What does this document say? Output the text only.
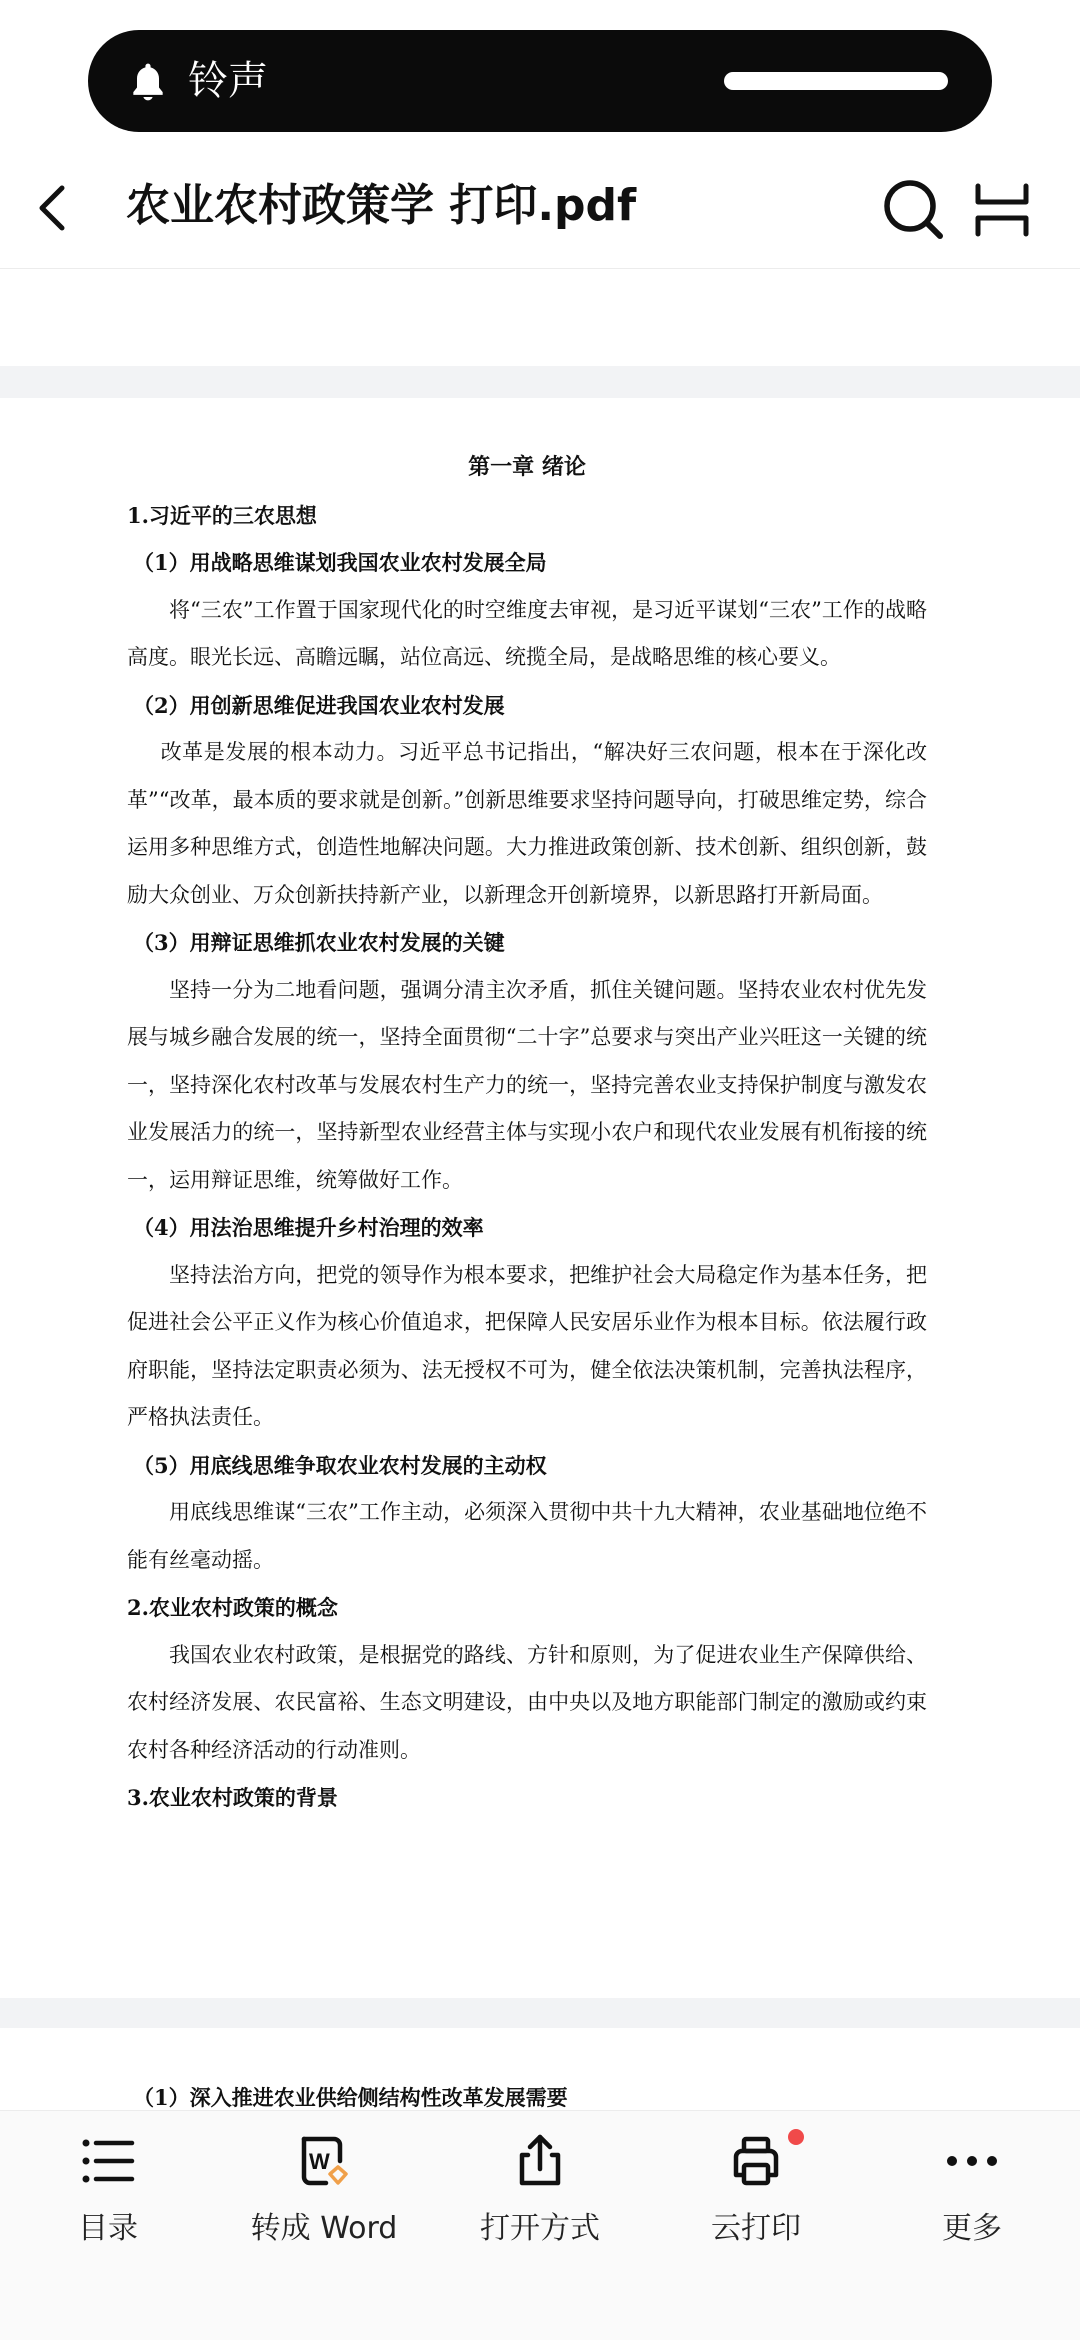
铃声
农业农村政策学 打印.pdf

第一章 绪论

1.习近平的三农思想

（1）用战略思维谋划我国农业农村发展全局

将“三农”工作置于国家现代化的时空维度去审视，是习近平谋划“三农”工作的战略高度。眼光长远、高瞻远瞩，站位高远、统揽全局，是战略思维的核心要义。

（2）用创新思维促进我国农业农村发展

改革是发展的根本动力。习近平总书记指出，“解决好三农问题，根本在于深化改革”“改革，最本质的要求就是创新。”创新思维要求坚持问题导向，打破思维定势，综合运用多种思维方式，创造性地解决问题。大力推进政策创新、技术创新、组织创新，鼓励大众创业、万众创新扶持新产业，以新理念开创新境界，以新思路打开新局面。

（3）用辩证思维抓农业农村发展的关键

坚持一分为二地看问题，强调分清主次矛盾，抓住关键问题。坚持农业农村优先发展与城乡融合发展的统一，坚持全面贯彻“二十字”总要求与突出产业兴旺这一关键的统一，坚持深化农村改革与发展农村生产力的统一，坚持完善农业支持保护制度与激发农业发展活力的统一，坚持新型农业经营主体与实现小农户和现代农业发展有机衔接的统一，运用辩证思维，统筹做好工作。

（4）用法治思维提升乡村治理的效率

坚持法治方向，把党的领导作为根本要求，把维护社会大局稳定作为基本任务，把促进社会公平正义作为核心价值追求，把保障人民安居乐业作为根本目标。依法履行政府职能，坚持法定职责必须为、法无授权不可为，健全依法决策机制，完善执法程序，严格执法责任。

（5）用底线思维争取农业农村发展的主动权

用底线思维谋“三农”工作主动，必须深入贯彻中共十九大精神，农业基础地位绝不能有丝毫动摇。

2.农业农村政策的概念

我国农业农村政策，是根据党的路线、方针和原则，为了促进农业生产保障供给、农村经济发展、农民富裕、生态文明建设，由中央以及地方职能部门制定的激励或约束农村各种经济活动的行动准则。

3.农业农村政策的背景

（1）深入推进农业供给侧结构性改革发展需要

目录
W
转成 Word	打开方式	云打印	更多
